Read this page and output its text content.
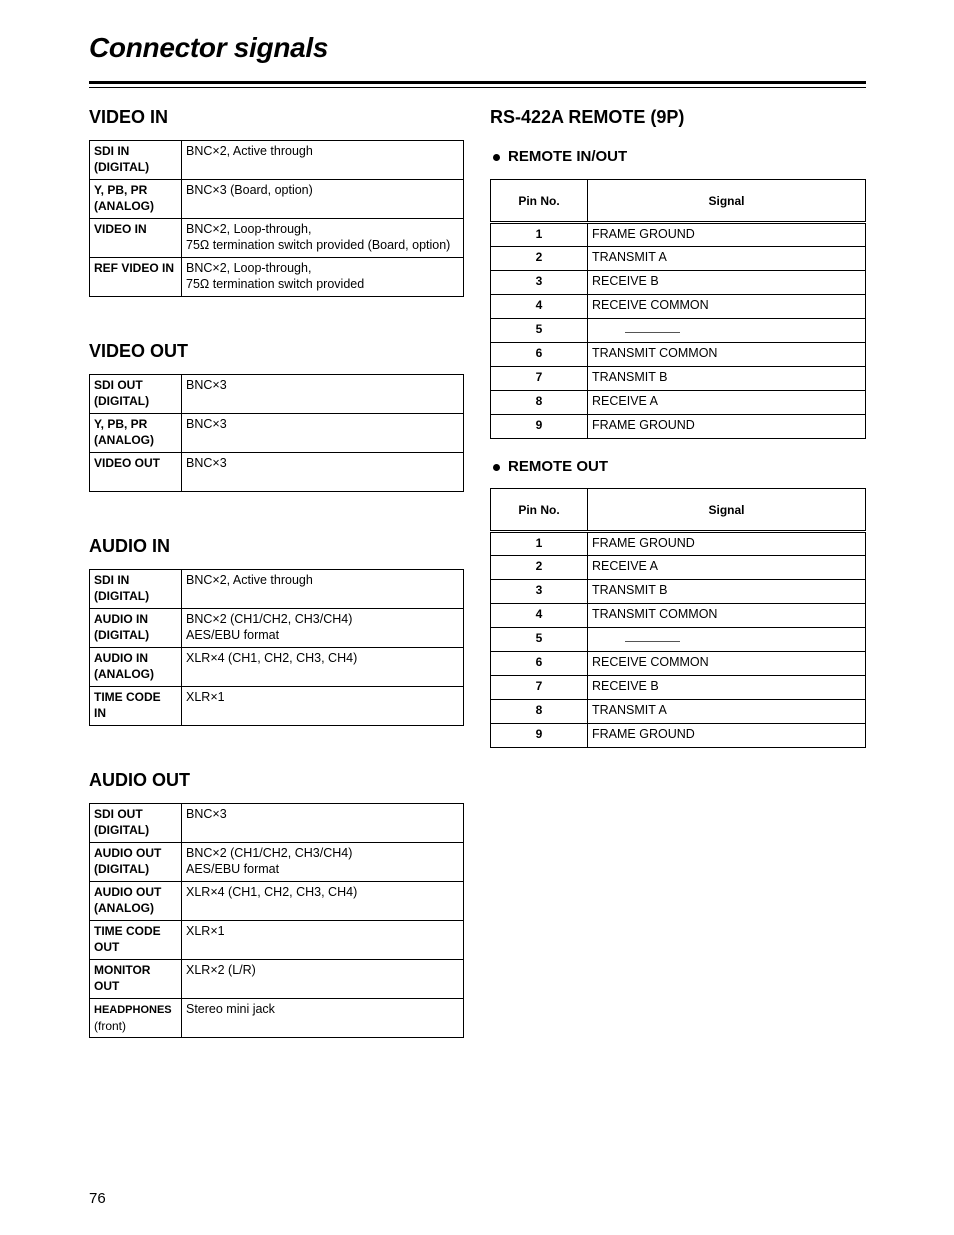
Connector signals
VIDEO IN
SDI IN
(DIGITAL)	BNC×2, Active through
Y, PB, PR
(ANALOG)	BNC×3 (Board, option)
VIDEO IN	BNC×2, Loop-through,
75Ω termination switch provided (Board, option)
REF VIDEO IN	BNC×2, Loop-through,
75Ω termination switch provided
VIDEO OUT
SDI OUT
(DIGITAL)	BNC×3
Y, PB, PR
(ANALOG)	BNC×3
VIDEO OUT	BNC×3
AUDIO IN
SDI IN
(DIGITAL)	BNC×2, Active through
AUDIO IN
(DIGITAL)	BNC×2 (CH1/CH2, CH3/CH4)
AES/EBU format
AUDIO IN
(ANALOG)	XLR×4 (CH1, CH2, CH3, CH4)
TIME CODE
IN	XLR×1
AUDIO OUT
SDI OUT
(DIGITAL)	BNC×3
AUDIO OUT
(DIGITAL)	BNC×2 (CH1/CH2, CH3/CH4)
AES/EBU format
AUDIO OUT
(ANALOG)	XLR×4 (CH1, CH2, CH3, CH4)
TIME CODE
OUT	XLR×1
MONITOR
OUT	XLR×2 (L/R)
HEADPHONES
(front)	Stereo mini jack
RS-422A REMOTE (9P)
REMOTE IN/OUT
Pin No.	Signal
1	FRAME GROUND
2	TRANSMIT A
3	RECEIVE B
4	RECEIVE COMMON
5	
6	TRANSMIT COMMON
7	TRANSMIT B
8	RECEIVE A
9	FRAME GROUND
REMOTE OUT
Pin No.	Signal
1	FRAME GROUND
2	RECEIVE A
3	TRANSMIT B
4	TRANSMIT COMMON
5	
6	RECEIVE COMMON
7	RECEIVE B
8	TRANSMIT A
9	FRAME GROUND
76
